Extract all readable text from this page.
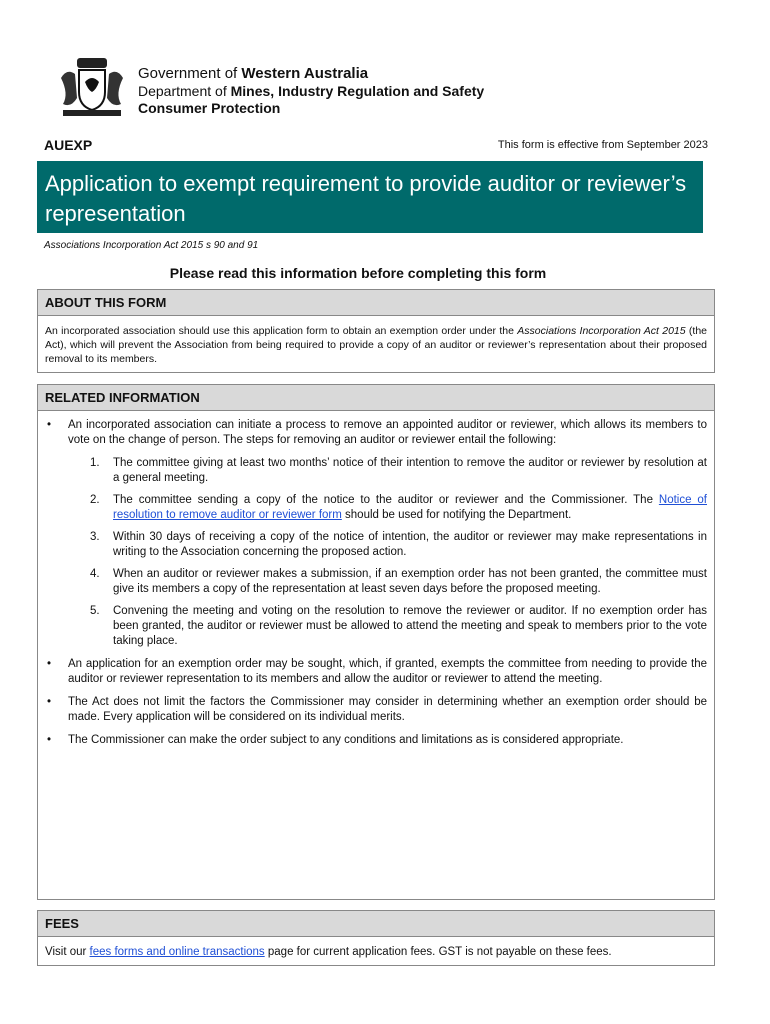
Government of Western Australia
Department of Mines, Industry Regulation and Safety
Consumer Protection
AUEXP	This form is effective from September 2023
Application to exempt requirement to provide auditor or reviewer’s representation
Associations Incorporation Act 2015 s 90 and 91
Please read this information before completing this form
ABOUT THIS FORM
An incorporated association should use this application form to obtain an exemption order under the Associations Incorporation Act 2015 (the Act), which will prevent the Association from being required to provide a copy of an auditor or reviewer’s representation about their proposed removal to its members.
RELATED INFORMATION
• An incorporated association can initiate a process to remove an appointed auditor or reviewer, which allows its members to vote on the change of person. The steps for removing an auditor or reviewer entail the following:
1. The committee giving at least two months’ notice of their intention to remove the auditor or reviewer by resolution at a general meeting.
2. The committee sending a copy of the notice to the auditor or reviewer and the Commissioner. The Notice of resolution to remove auditor or reviewer form should be used for notifying the Department.
3. Within 30 days of receiving a copy of the notice of intention, the auditor or reviewer may make representations in writing to the Association concerning the proposed action.
4. When an auditor or reviewer makes a submission, if an exemption order has not been granted, the committee must give its members a copy of the representation at least seven days before the proposed meeting.
5. Convening the meeting and voting on the resolution to remove the reviewer or auditor. If no exemption order has been granted, the auditor or reviewer must be allowed to attend the meeting and speak to members prior to the vote taking place.
• An application for an exemption order may be sought, which, if granted, exempts the committee from needing to provide the auditor or reviewer representation to its members and allow the auditor or reviewer to attend the meeting.
• The Act does not limit the factors the Commissioner may consider in determining whether an exemption order should be made. Every application will be considered on its individual merits.
• The Commissioner can make the order subject to any conditions and limitations as is considered appropriate.
FEES
Visit our fees forms and online transactions page for current application fees. GST is not payable on these fees.
